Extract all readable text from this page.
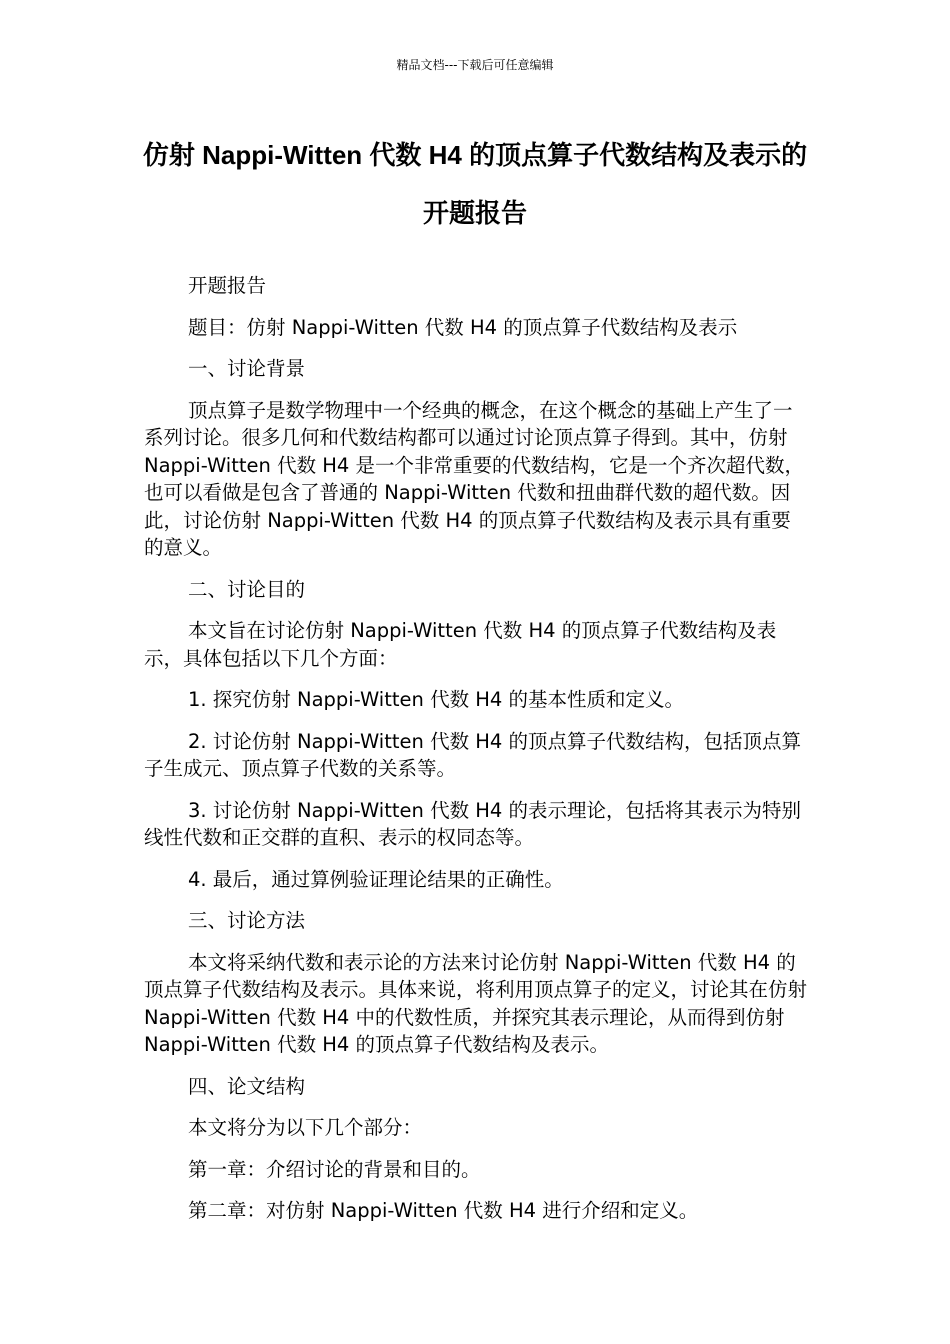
精品文档---下载后可任意编辑
仿射 Nappi-Witten 代数 H4 的顶点算子代数结构及表示的开题报告

开题报告

题目：仿射 Nappi-Witten 代数 H4 的顶点算子代数结构及表示

一、讨论背景

顶点算子是数学物理中一个经典的概念，在这个概念的基础上产生了一系列讨论。很多几何和代数结构都可以通过讨论顶点算子得到。其中，仿射 Nappi-Witten 代数 H4 是一个非常重要的代数结构，它是一个齐次超代数，也可以看做是包含了普通的 Nappi-Witten 代数和扭曲群代数的超代数。因此，讨论仿射 Nappi-Witten 代数 H4 的顶点算子代数结构及表示具有重要的意义。

二、讨论目的

本文旨在讨论仿射 Nappi-Witten 代数 H4 的顶点算子代数结构及表示，具体包括以下几个方面：

1. 探究仿射 Nappi-Witten 代数 H4 的基本性质和定义。

2. 讨论仿射 Nappi-Witten 代数 H4 的顶点算子代数结构，包括顶点算子生成元、顶点算子代数的关系等。

3. 讨论仿射 Nappi-Witten 代数 H4 的表示理论，包括将其表示为特别线性代数和正交群的直积、表示的权同态等。

4. 最后，通过算例验证理论结果的正确性。

三、讨论方法

本文将采纳代数和表示论的方法来讨论仿射 Nappi-Witten 代数 H4 的顶点算子代数结构及表示。具体来说，将利用顶点算子的定义，讨论其在仿射 Nappi-Witten 代数 H4 中的代数性质，并探究其表示理论，从而得到仿射 Nappi-Witten 代数 H4 的顶点算子代数结构及表示。

四、论文结构

本文将分为以下几个部分：

第一章：介绍讨论的背景和目的。

第二章：对仿射 Nappi-Witten 代数 H4 进行介绍和定义。
